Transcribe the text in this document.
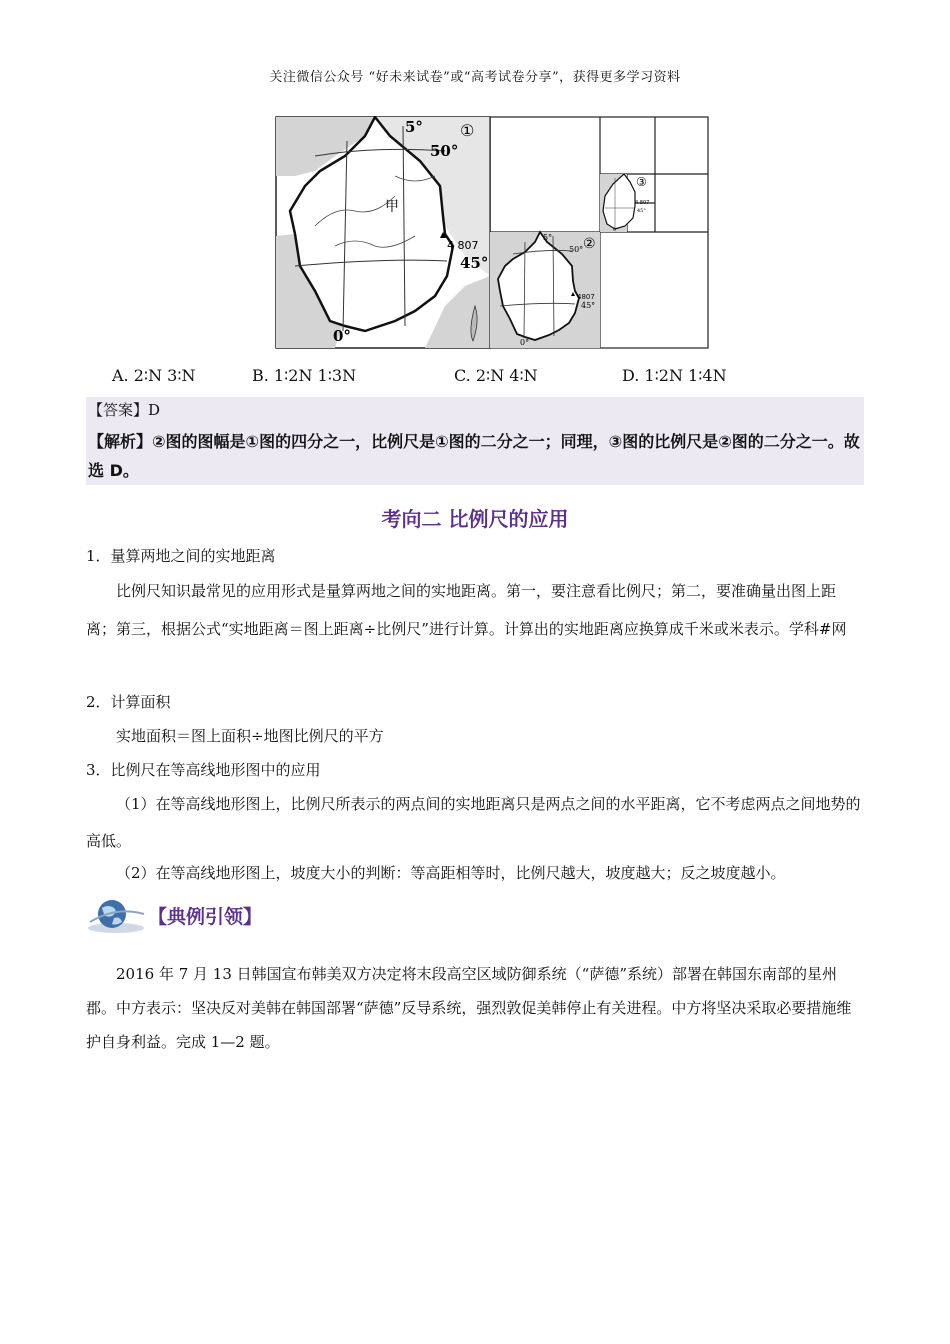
关注微信公众号 “好未来试卷”或“高考试卷分享”，获得更多学习资料
5°
50°
①
甲
4 807
45°
0°
5°
50° ②
4807
45°
0°
③
4 807
45°
0°
A. 2∶N 3∶N	B. 1∶2N 1∶3N	C. 2∶N 4∶N	D. 1∶2N 1∶4N
【答案】D
【解析】②图的图幅是①图的四分之一，比例尺是①图的二分之一；同理，③图的比例尺是②图的二分之一。故选 D。
考向二 比例尺的应用
1．量算两地之间的实地距离
比例尺知识最常见的应用形式是量算两地之间的实地距离。第一，要注意看比例尺；第二，要准确量出图上距离；第三，根据公式“实地距离＝图上距离÷比例尺”进行计算。计算出的实地距离应换算成千米或米表示。学科#网
2．计算面积
实地面积＝图上面积÷地图比例尺的平方
3．比例尺在等高线地形图中的应用
（1）在等高线地形图上，比例尺所表示的两点间的实地距离只是两点之间的水平距离，它不考虑两点之间地势的高低。
（2）在等高线地形图上，坡度大小的判断：等高距相等时，比例尺越大，坡度越大；反之坡度越小。
【典例引领】
2016 年 7 月 13 日韩国宣布韩美双方决定将末段高空区域防御系统（“萨德”系统）部署在韩国东南部的星州郡。中方表示：坚决反对美韩在韩国部署“萨德”反导系统，强烈敦促美韩停止有关进程。中方将坚决采取必要措施维护自身利益。完成 1—2 题。
